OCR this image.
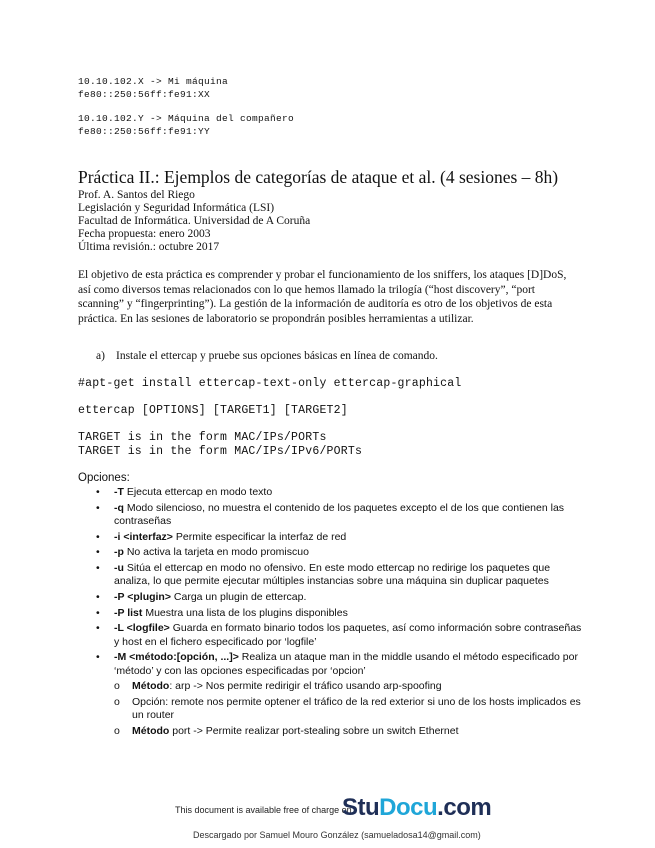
10.10.102.X -> Mi máquina
fe80::250:56ff:fe91:XX
10.10.102.Y -> Máquina del compañero
fe80::250:56ff:fe91:YY
Práctica II.: Ejemplos de categorías de ataque et al. (4 sesiones – 8h)
Prof. A. Santos del Riego
Legislación y Seguridad Informática (LSI)
Facultad de Informática. Universidad de A Coruña
Fecha propuesta: enero 2003
Última revisión.: octubre 2017

El objetivo de esta práctica es comprender y probar el funcionamiento de los sniffers, los ataques [D]DoS, así como diversos temas relacionados con lo que hemos llamado la trilogía (“host discovery”, “port scanning” y “fingerprinting”). La gestión de la información de auditoría es otro de los objetivos de esta práctica. En las sesiones de laboratorio se propondrán posibles herramientas a utilizar.

a) Instale el ettercap y pruebe sus opciones básicas en línea de comando.
#apt-get install ettercap-text-only ettercap-graphical
ettercap [OPTIONS] [TARGET1] [TARGET2]
TARGET is in the form MAC/IPs/PORTs
TARGET is in the form MAC/IPs/IPv6/PORTs
Opciones:
• -T Ejecuta ettercap en modo texto
• -q Modo silencioso, no muestra el contenido de los paquetes excepto el de los que contienen las contraseñas
• -i <interfaz> Permite especificar la interfaz de red
• -p No activa la tarjeta en modo promiscuo
• -u Sitúa el ettercap en modo no ofensivo. En este modo ettercap no redirige los paquetes que analiza, lo que permite ejecutar múltiples instancias sobre una máquina sin duplicar paquetes
• -P <plugin> Carga un plugin de ettercap.
• -P list Muestra una lista de los plugins disponibles
• -L <logfile> Guarda en formato binario todos los paquetes, así como información sobre contraseñas y host en el fichero especificado por ‘logfile’
• -M <método:[opción, ...]> Realiza un ataque man in the middle usando el método especificado por ‘método’ y con las opciones especificadas por ‘opcion’
o Método: arp -> Nos permite redirigir el tráfico usando arp-spoofing
o Opción: remote nos permite optener el tráfico de la red exterior si uno de los hosts implicados es un router
o Método port -> Permite realizar port-stealing sobre un switch Ethernet
This document is available free of charge on
StuDocu.com
Descargado por Samuel Mouro González (samueladosa14@gmail.com)
